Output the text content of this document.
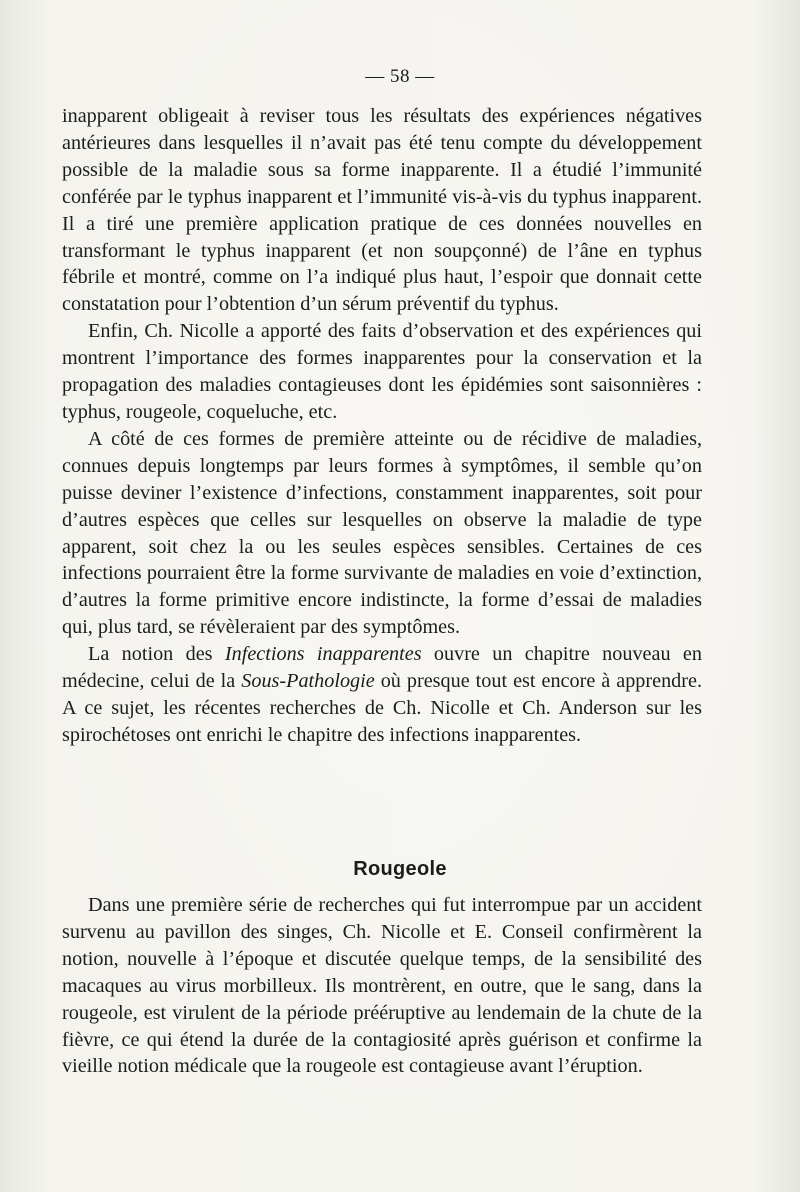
— 58 —

inapparent obligeait à reviser tous les résultats des expériences négatives antérieures dans lesquelles il n’avait pas été tenu compte du développement possible de la maladie sous sa forme inapparente. Il a étudié l’immunité conférée par le typhus inapparent et l’immunité vis-à-vis du typhus inapparent. Il a tiré une première application pratique de ces données nouvelles en transformant le typhus inapparent (et non soupçonné) de l’âne en typhus fébrile et montré, comme on l’a indiqué plus haut, l’espoir que donnait cette constatation pour l’obtention d’un sérum préventif du typhus.

Enfin, Ch. Nicolle a apporté des faits d’observation et des expériences qui montrent l’importance des formes inapparentes pour la conservation et la propagation des maladies contagieuses dont les épidémies sont saisonnières : typhus, rougeole, coqueluche, etc.

A côté de ces formes de première atteinte ou de récidive de maladies, connues depuis longtemps par leurs formes à symptômes, il semble qu’on puisse deviner l’existence d’infections, constamment inapparentes, soit pour d’autres espèces que celles sur lesquelles on observe la maladie de type apparent, soit chez la ou les seules espèces sensibles. Certaines de ces infections pourraient être la forme survivante de maladies en voie d’extinction, d’autres la forme primitive encore indistincte, la forme d’essai de maladies qui, plus tard, se révèleraient par des symptômes.

La notion des Infections inapparentes ouvre un chapitre nouveau en médecine, celui de la Sous-Pathologie où presque tout est encore à apprendre. A ce sujet, les récentes recherches de Ch. Nicolle et Ch. Anderson sur les spirochétoses ont enrichi le chapitre des infections inapparentes.

Rougeole

Dans une première série de recherches qui fut interrompue par un accident survenu au pavillon des singes, Ch. Nicolle et E. Conseil confirmèrent la notion, nouvelle à l’époque et discutée quelque temps, de la sensibilité des macaques au virus morbilleux. Ils montrèrent, en outre, que le sang, dans la rougeole, est virulent de la période prééruptive au lendemain de la chute de la fièvre, ce qui étend la durée de la contagiosité après guérison et confirme la vieille notion médicale que la rougeole est contagieuse avant l’éruption.
